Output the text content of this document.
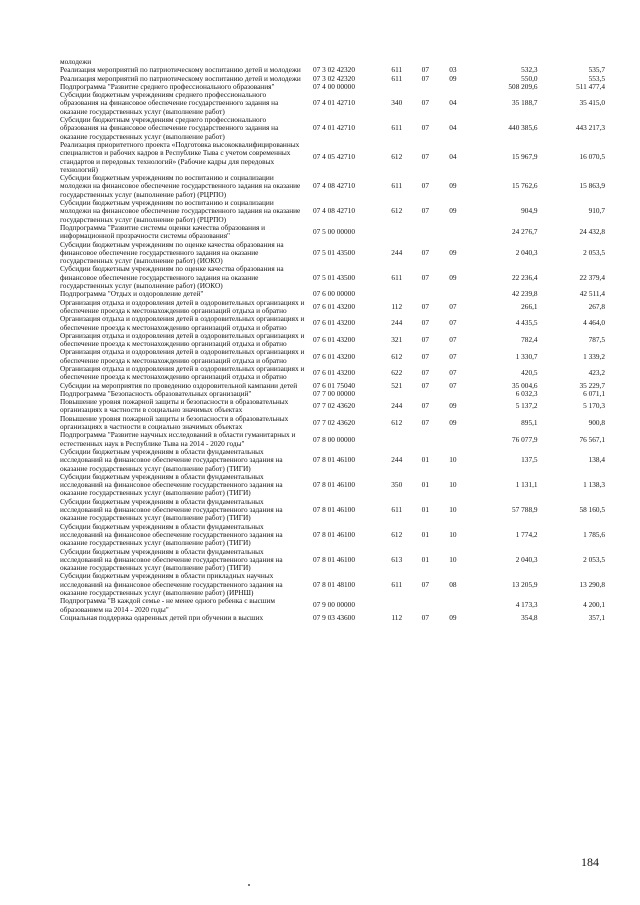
молодежи						
Реализация мероприятий по патриотическому воспитанию детей и молодежи	07 3 02 42320	611	07	03	532,3	535,7
Реализация мероприятий по патриотическому воспитанию детей и молодежи	07 3 02 42320	611	07	09	550,0	553,5
Подпрограмма "Развитие среднего профессионального образования"	07 4 00 00000				508 209,6	511 477,4
Субсидии бюджетным учреждениям среднего профессионального образования на финансовое обеспечение государственного задания на оказание государственных услуг (выполнение работ)	07 4 01 42710	340	07	04	35 188,7	35 415,0
Субсидии бюджетным учреждениям среднего профессионального образования на финансовое обеспечение государственного задания на оказание государственных услуг (выполнение работ)	07 4 01 42710	611	07	04	440 385,6	443 217,3
Реализация приоритетного проекта «Подготовка высококвалифицированных специалистов и рабочих кадров в Республике Тыва с учетом современных стандартов и передовых технологий» (Рабочие кадры для передовых технологий)	07 4 05 42710	612	07	04	15 967,9	16 070,5
Субсидии бюджетным учреждениям по воспитанию и социализации молодежи на финансовое обеспечение государственного задания на оказание государственных услуг (выполнение работ) (РЦРПО)	07 4 08 42710	611	07	09	15 762,6	15 863,9
Субсидии бюджетным учреждениям по воспитанию и социализации молодежи на финансовое обеспечение государственного задания на оказание государственных услуг (выполнение работ) (РЦРПО)	07 4 08 42710	612	07	09	904,9	910,7
Подпрограмма "Развитие системы оценки качества образования и информационной прозрачности системы образования"	07 5 00 00000				24 276,7	24 432,8
Субсидии бюджетным учреждениям по оценке качества образования на финансовое обеспечение государственного задания на оказание государственных услуг (выполнение работ) (ИОКО)	07 5 01 43500	244	07	09	2 040,3	2 053,5
Субсидии бюджетным учреждениям по оценке качества образования на финансовое обеспечение государственного задания на оказание государственных услуг (выполнение работ) (ИОКО)	07 5 01 43500	611	07	09	22 236,4	22 379,4
Подпрограмма "Отдых и оздоровление детей"	07 6 00 00000				42 239,8	42 511,4
Организация отдыха и оздоровления детей в оздоровительных организациях и обеспечение проезда к местонахождению организаций отдыха и обратно	07 6 01 43200	112	07	07	266,1	267,8
Организация отдыха и оздоровления детей в оздоровительных организациях и обеспечение проезда к местонахождению организаций отдыха и обратно	07 6 01 43200	244	07	07	4 435,5	4 464,0
Организация отдыха и оздоровления детей в оздоровительных организациях и обеспечение проезда к местонахождению организаций отдыха и обратно	07 6 01 43200	321	07	07	782,4	787,5
Организация отдыха и оздоровления детей в оздоровительных организациях и обеспечение проезда к местонахождению организаций отдыха и обратно	07 6 01 43200	612	07	07	1 330,7	1 339,2
Организация отдыха и оздоровления детей в оздоровительных организациях и обеспечение проезда к местонахождению организаций отдыха и обратно	07 6 01 43200	622	07	07	420,5	423,2
Субсидии на мероприятия по проведению оздоровительной кампании детей	07 6 01 75040	521	07	07	35 004,6	35 229,7
Подпрограмма "Безопасность образовательных организаций"	07 7 00 00000				6 032,3	6 071,1
Повышение уровня пожарной защиты и безопасности в образовательных организациях в частности в социально значимых объектах	07 7 02 43620	244	07	09	5 137,2	5 170,3
Повышение уровня пожарной защиты и безопасности в образовательных организациях в частности в социально значимых объектах	07 7 02 43620	612	07	09	895,1	900,8
Подпрограмма "Развитие научных исследований в области гуманитарных и естественных наук в Республике Тыва на 2014 - 2020 годы"	07 8 00 00000				76 077,9	76 567,1
Субсидии бюджетным учреждениям в области фундаментальных исследований на финансовое обеспечение государственного задания на оказание государственных услуг (выполнение работ) (ТИГИ)	07 8 01 46100	244	01	10	137,5	138,4
Субсидии бюджетным учреждениям в области фундаментальных исследований на финансовое обеспечение государственного задания на оказание государственных услуг (выполнение работ) (ТИГИ)	07 8 01 46100	350	01	10	1 131,1	1 138,3
Субсидии бюджетным учреждениям в области фундаментальных исследований на финансовое обеспечение государственного задания на оказание государственных услуг (выполнение работ) (ТИГИ)	07 8 01 46100	611	01	10	57 788,9	58 160,5
Субсидии бюджетным учреждениям в области фундаментальных исследований на финансовое обеспечение государственного задания на оказание государственных услуг (выполнение работ) (ТИГИ)	07 8 01 46100	612	01	10	1 774,2	1 785,6
Субсидии бюджетным учреждениям в области фундаментальных исследований на финансовое обеспечение государственного задания на оказание государственных услуг (выполнение работ) (ТИГИ)	07 8 01 46100	613	01	10	2 040,3	2 053,5
Субсидии бюджетным учреждениям в области прикладных научных исследований на финансовое обеспечение государственного задания на оказание государственных услуг (выполнение работ) (ИРНШ)	07 8 01 48100	611	07	08	13 205,9	13 290,8
Подпрограмма "В каждой семье - не менее одного ребенка с высшим образованием на 2014 - 2020 годы"	07 9 00 00000				4 173,3	4 200,1
Социальная поддержка одаренных детей при обучении в высших	07 9 03 43600	112	07	09	354,8	357,1
184
